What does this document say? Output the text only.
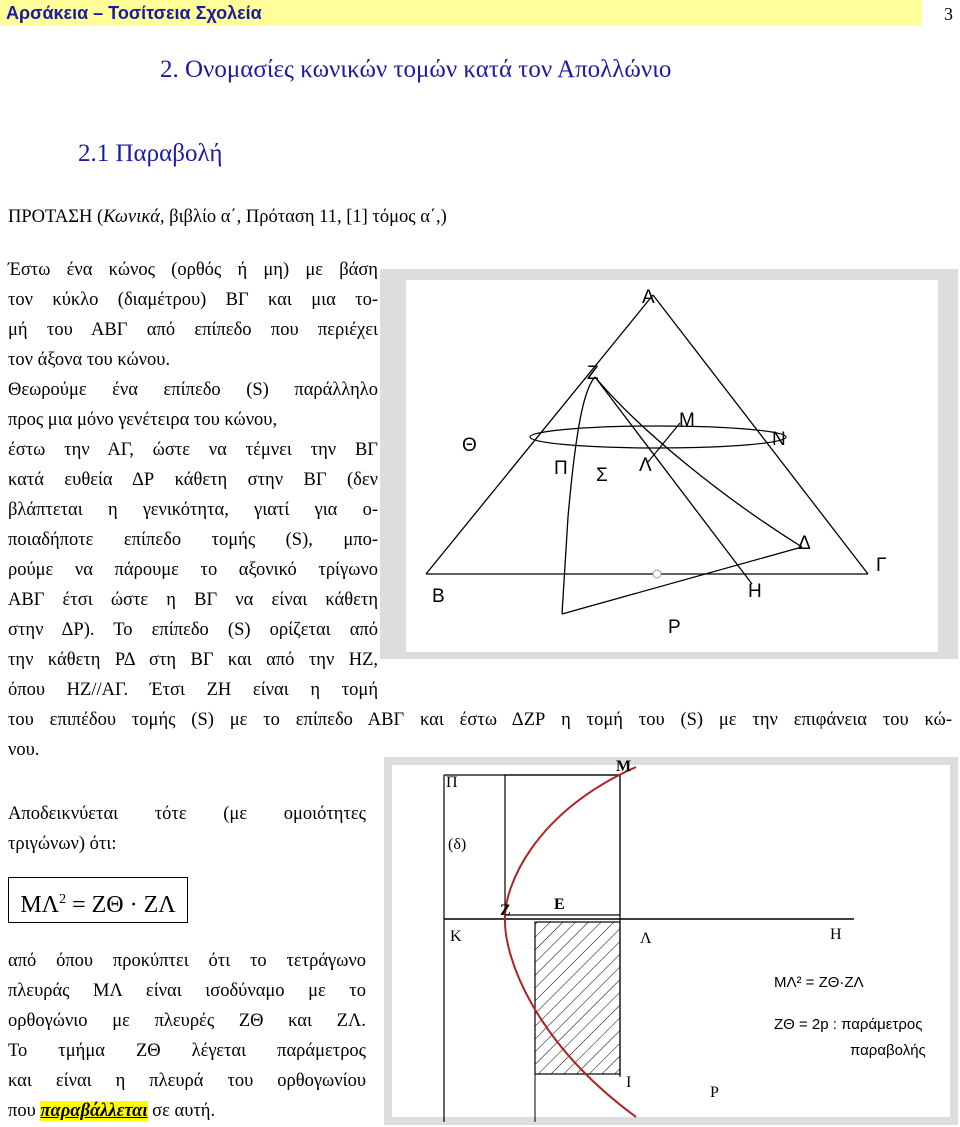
Αρσάκεια – Τοσίτσεια Σχολεία	3
2. Ονομασίες κωνικών τομών κατά τον Απολλώνιο
2.1 Παραβολή
ΠΡΟΤΑΣΗ (Κωνικά, βιβλίο α΄, Πρόταση 11, [1] τόμος α΄,)
Έστω ένα κώνος (ορθός ή μη) με βάση
τον κύκλο (διαμέτρου) ΒΓ και μια το-
μή του ΑΒΓ από επίπεδο που περιέχει
τον άξονα του κώνου.
Θεωρούμε ένα επίπεδο (S) παράλληλο
προς μια μόνο γενέτειρα του κώνου,
έστω την ΑΓ, ώστε να τέμνει την ΒΓ
κατά ευθεία ΔΡ κάθετη στην ΒΓ (δεν
βλάπτεται η γενικότητα, γιατί για ο-
ποιαδήποτε επίπεδο τομής (S), μπο-
ρούμε να πάρουμε το αξονικό τρίγωνο
ΑΒΓ έτσι ώστε η ΒΓ να είναι κάθετη
στην ΔΡ). Το επίπεδο (S) ορίζεται από
την κάθετη ΡΔ στη ΒΓ και από την ΗΖ,
όπου ΗΖ//ΑΓ. Έτσι ΖΗ είναι η τομή
του επιπέδου τομής (S) με το επίπεδο ΑΒΓ και έστω ΔΖΡ η τομή του (S) με την επιφάνεια του κώ-
νου.
Α
Ζ
Μ
Ν
Θ
Π Σ Λ
Δ
Γ
Β	Η
Ρ
Αποδεικνύεται τότε (με ομοιότητες
τριγώνων) ότι:
$M\Lambda^2 = Z\Theta \cdot Z\Lambda$
από όπου προκύπτει ότι το τετράγωνο
πλευράς ΜΛ είναι ισοδύναμο με το
ορθογώνιο με πλευρές ΖΘ και ΖΛ.
Το τμήμα ΖΘ λέγεται παράμετρος
και είναι η πλευρά του ορθογωνίου
που παραβάλλεται σε αυτή.
Π
Μ
(δ)
Ζ	Ε
Κ	Λ	Η
Ι
Ρ
ΜΛ² = ΖΘ·ΖΛ
ΖΘ = 2p : παράμετρος
παραβολής
